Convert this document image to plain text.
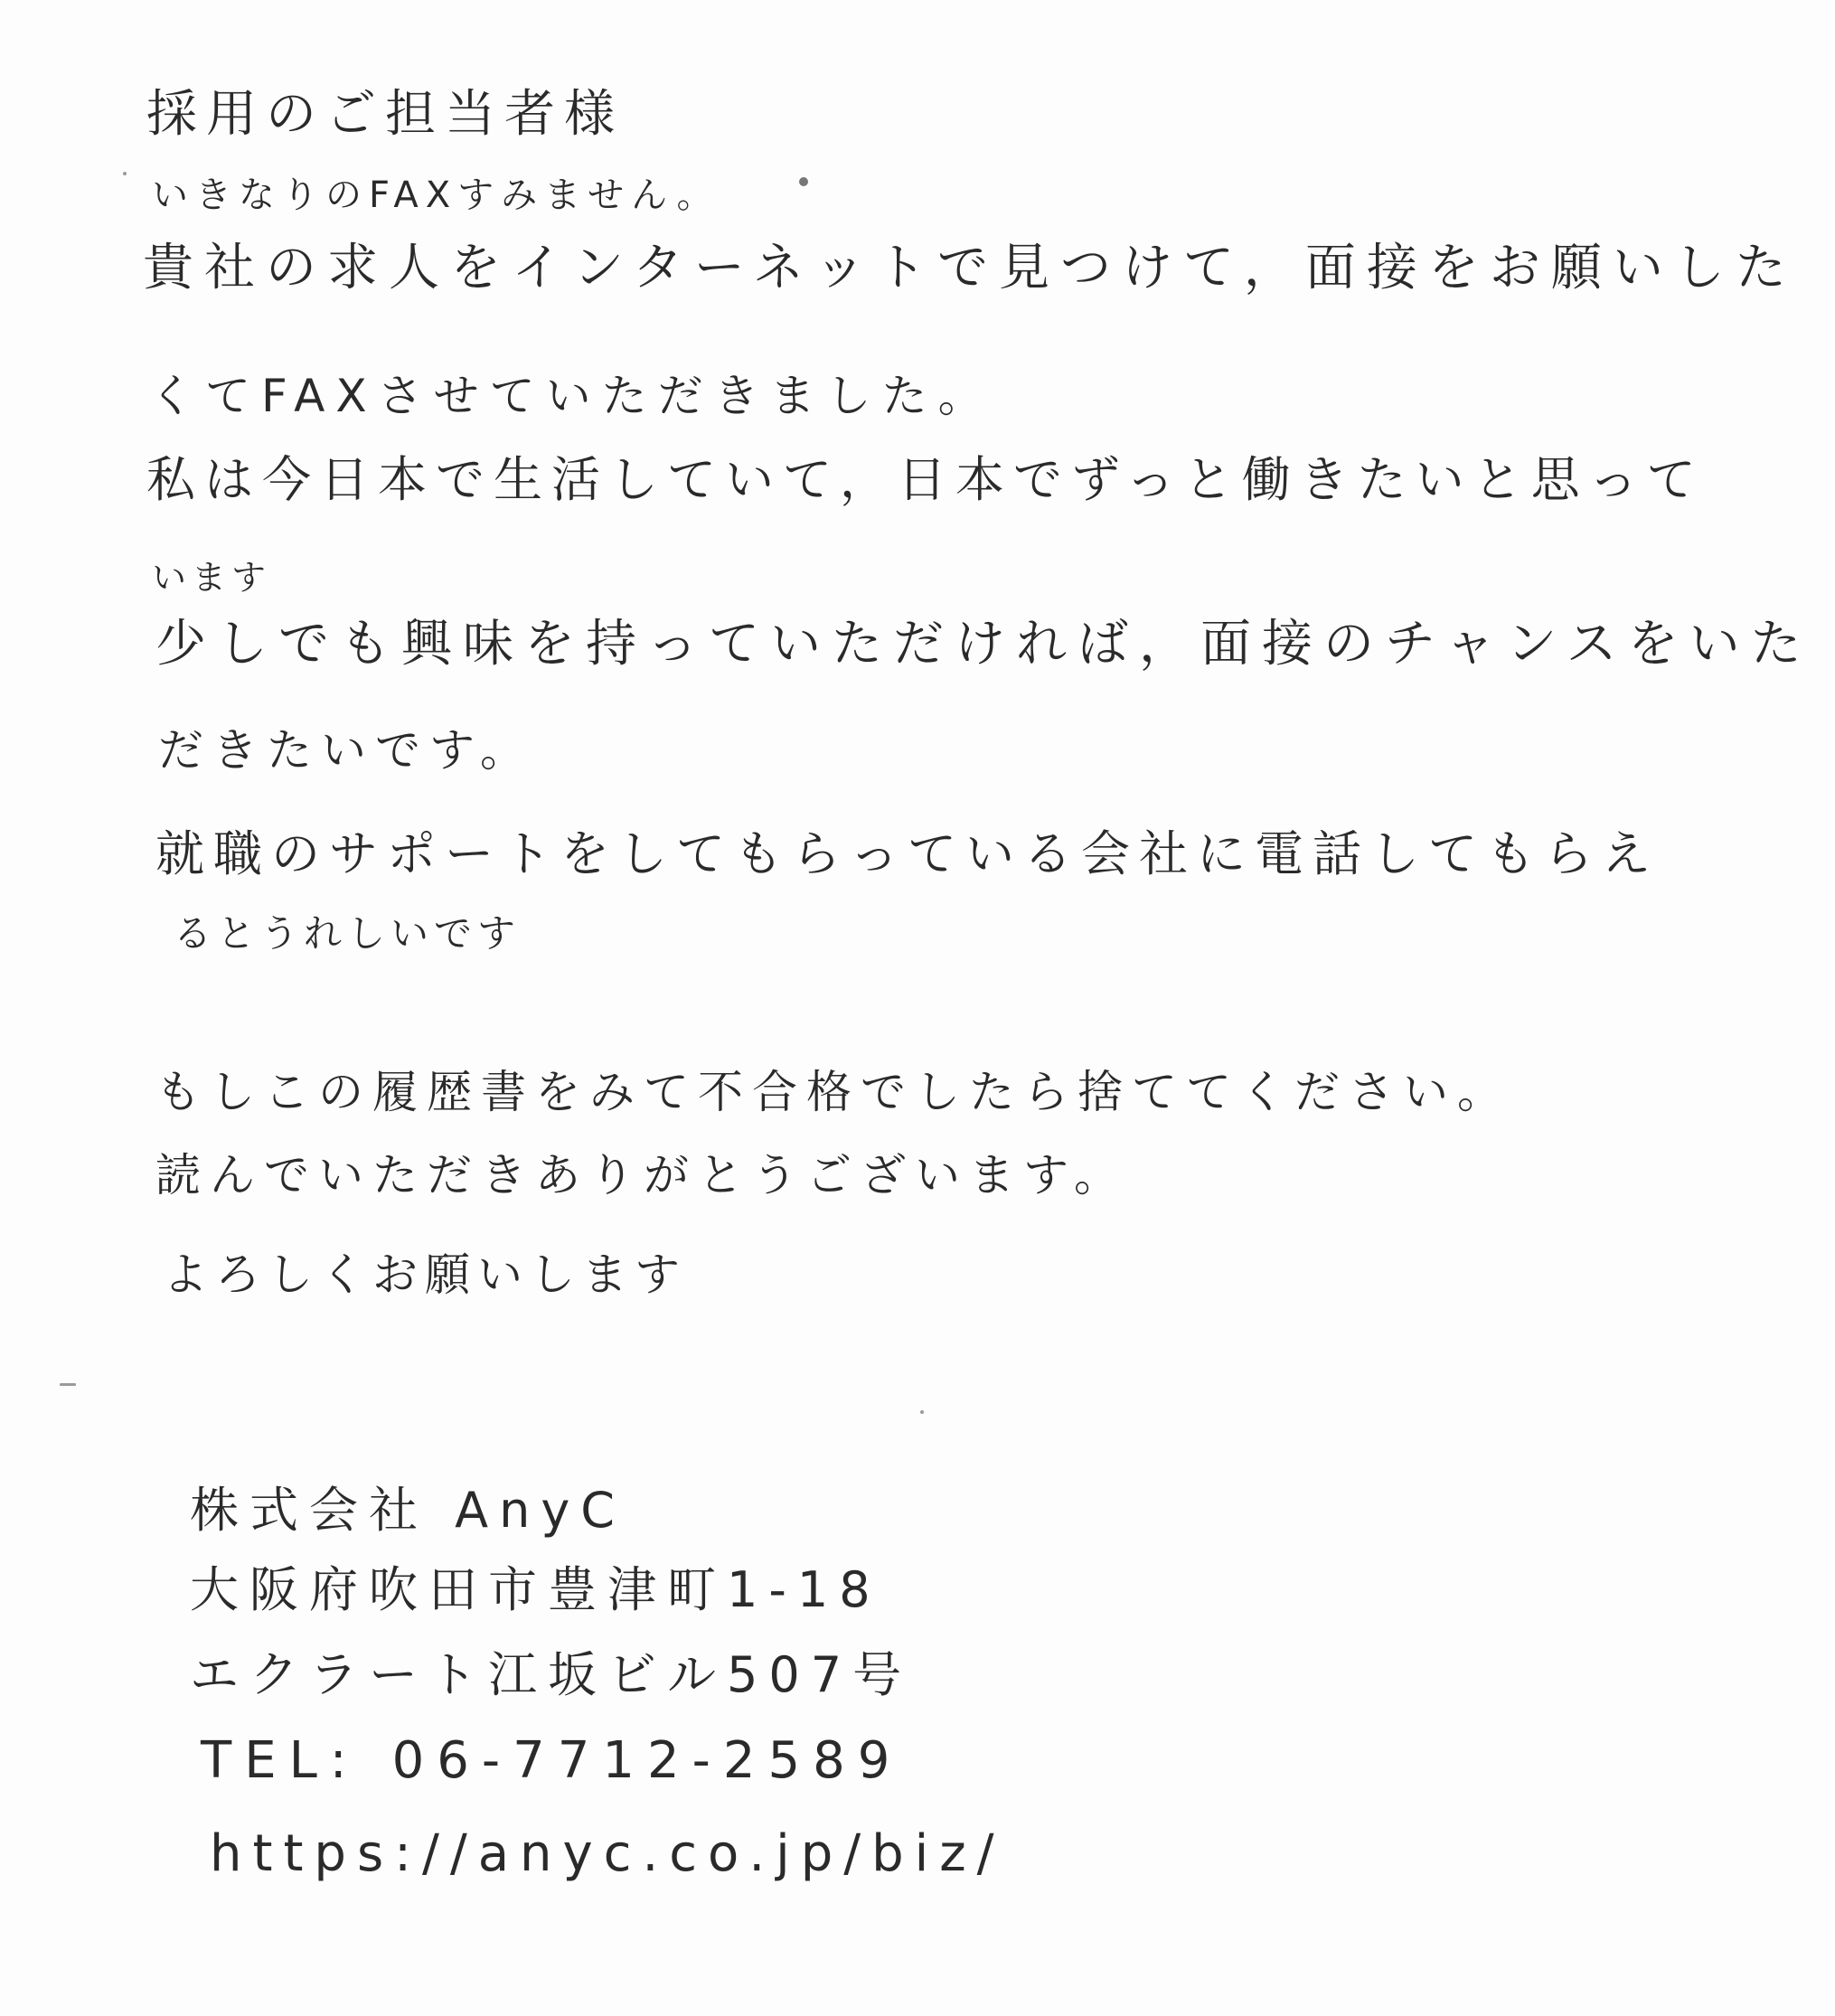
採用のご担当者様
いきなりのFAXすみません。
貴社の求人をインターネットで見つけて，面接をお願いした
くてFAXさせていただきました。
私は今日本で生活していて，日本でずっと働きたいと思って
います
少しでも興味を持っていただければ，面接のチャンスをいた
だきたいです。
就職のサポートをしてもらっている会社に電話してもらえ
るとうれしいです
もしこの履歴書をみて不合格でしたら捨ててください。
読んでいただきありがとうございます。
よろしくお願いします
株式会社 AnyC
大阪府吹田市豊津町1-18
エクラート江坂ビル507号
TEL: 06-7712-2589
https://anyc.co.jp/biz/
